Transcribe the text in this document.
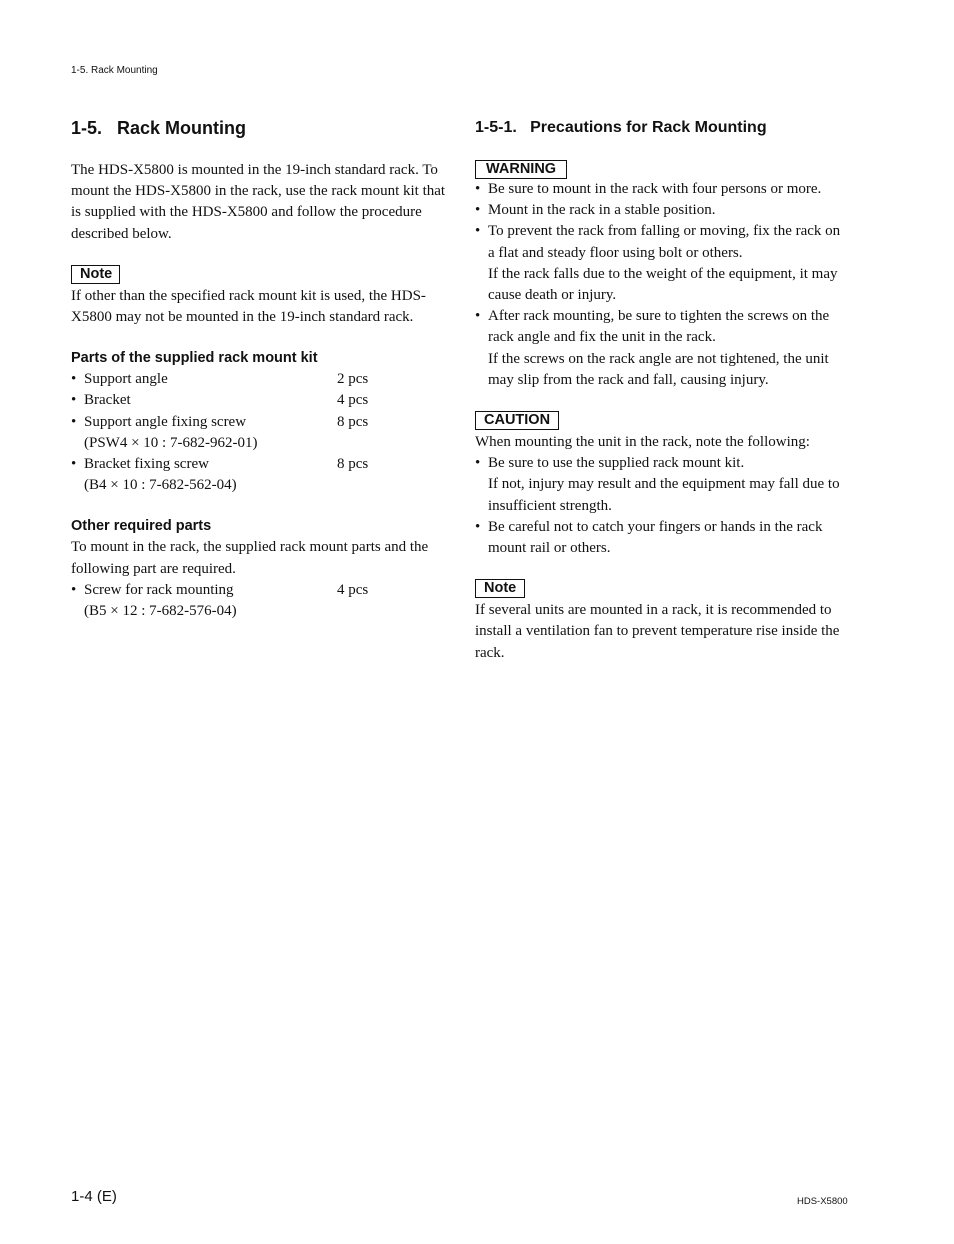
1-5. Rack Mounting
1-5.   Rack Mounting

The HDS-X5800 is mounted in the 19-inch standard rack. To mount the HDS-X5800 in the rack, use the rack mount kit that is supplied with the HDS-X5800 and follow the procedure described below.

Note

If other than the specified rack mount kit is used, the HDS-X5800 may not be mounted in the 19-inch standard rack.

Parts of the supplied rack mount kit
• Support angle	2 pcs
• Bracket	4 pcs
• Support angle fixing screw	8 pcs
(PSW4 × 10 : 7-682-962-01)
• Bracket fixing screw	8 pcs
(B4 × 10 : 7-682-562-04)
Other required parts

To mount in the rack, the supplied rack mount parts and the following part are required.

• Screw for rack mounting	4 pcs
(B5 × 12 : 7-682-576-04)
1-5-1.   Precautions for Rack Mounting
WARNING
• Be sure to mount in the rack with four persons or more.
• Mount in the rack in a stable position.
• To prevent the rack from falling or moving, fix the rack on a flat and steady floor using bolt or others.
If the rack falls due to the weight of the equipment, it may cause death or injury.
• After rack mounting, be sure to tighten the screws on the rack angle and fix the unit in the rack.
If the screws on the rack angle are not tightened, the unit may slip from the rack and fall, causing injury.
CAUTION

When mounting the unit in the rack, note the following:

• Be sure to use the supplied rack mount kit.
If not, injury may result and the equipment may fall due to insufficient strength.
• Be careful not to catch your fingers or hands in the rack mount rail or others.
Note

If several units are mounted in a rack, it is recommended to install a ventilation fan to prevent temperature rise inside the rack.

1-4 (E)	HDS-X5800
